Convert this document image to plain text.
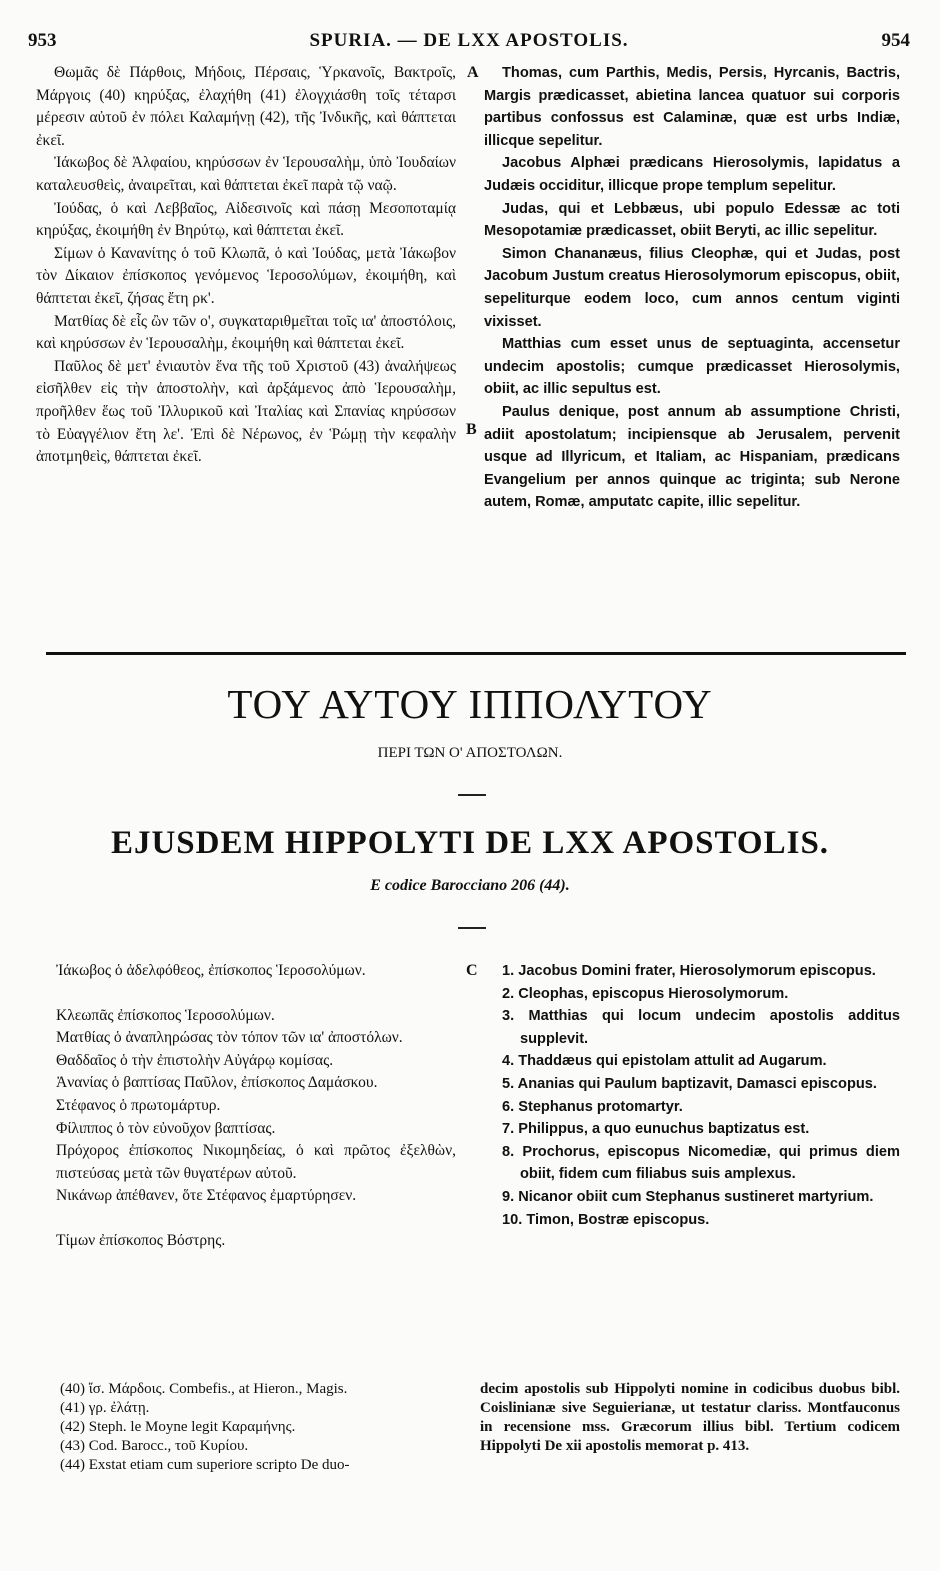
953	SPURIA. — DE LXX APOSTOLIS.	954
A
B
C

Θωμᾶς δὲ Πάρθοις, Μήδοις, Πέρσαις, Ὑρκανοῖς, Βακτροῖς, Μάργοις (40) κηρύξας, ἐλαχήθη (41) ἐλογχιάσθη τοῖς τέταρσι μέρεσιν αὐτοῦ ἐν πόλει Καλαμήνῃ (42), τῆς Ἰνδικῆς, καὶ θάπτεται ἐκεῖ.

Ἰάκωβος δὲ Ἀλφαίου, κηρύσσων ἐν Ἱερουσαλὴμ, ὑπὸ Ἰουδαίων καταλευσθεὶς, ἀναιρεῖται, καὶ θάπτεται ἐκεῖ παρὰ τῷ ναῷ.

Ἰούδας, ὁ καὶ Λεββαῖος, Αἰδεσινοῖς καὶ πάσῃ Μεσοποταμίᾳ κηρύξας, ἐκοιμήθη ἐν Βηρύτῳ, καὶ θάπτεται ἐκεῖ.

Σίμων ὁ Κανανίτης ὁ τοῦ Κλωπᾶ, ὁ καὶ Ἰούδας, μετὰ Ἰάκωβον τὸν Δίκαιον ἐπίσκοπος γενόμενος Ἱεροσολύμων, ἐκοιμήθη, καὶ θάπτεται ἐκεῖ, ζήσας ἔτη ρκ'.

Ματθίας δὲ εἷς ὢν τῶν ο', συγκαταριθμεῖται τοῖς ια' ἀποστόλοις, καὶ κηρύσσων ἐν Ἱερουσαλὴμ, ἐκοιμήθη καὶ θάπτεται ἐκεῖ.

Παῦλος δὲ μετ' ἐνιαυτὸν ἕνα τῆς τοῦ Χριστοῦ (43) ἀναλήψεως εἰσῆλθεν εἰς τὴν ἀποστολὴν, καὶ ἀρξάμενος ἀπὸ Ἱερουσαλὴμ, προῆλθεν ἕως τοῦ Ἰλλυρικοῦ καὶ Ἰταλίας καὶ Σπανίας κηρύσσων τὸ Εὐαγγέλιον ἔτη λε'. Ἐπὶ δὲ Νέρωνος, ἐν Ῥώμῃ τὴν κεφαλὴν ἀποτμηθεὶς, θάπτεται ἐκεῖ.

Thomas, cum Parthis, Medis, Persis, Hyrcanis, Bactris, Margis prædicasset, abietina lancea quatuor sui corporis partibus confossus est Calaminæ, quæ est urbs Indiæ, illicque sepelitur.

Jacobus Alphæi prædicans Hierosolymis, lapidatus a Judæis occiditur, illicque prope templum sepelitur.

Judas, qui et Lebbæus, ubi populo Edessæ ac toti Mesopotamiæ prædicasset, obiit Beryti, ac illic sepelitur.

Simon Chananæus, filius Cleophæ, qui et Judas, post Jacobum Justum creatus Hierosolymorum episcopus, obiit, sepeliturque eodem loco, cum annos centum viginti vixisset.

Matthias cum esset unus de septuaginta, accensetur undecim apostolis; cumque prædicasset Hierosolymis, obiit, ac illic sepultus est.

Paulus denique, post annum ab assumptione Christi, adiit apostolatum; incipiensque ab Jerusalem, pervenit usque ad Illyricum, et Italiam, ac Hispaniam, prædicans Evangelium per annos quinque ac triginta; sub Nerone autem, Romæ, amputatc capite, illic sepelitur.

ΤΟΥ ΑΥΤΟΥ ΙΠΠΟΛΥΤΟΥ
ΠΕΡΙ ΤΩΝ Ο' ΑΠΟΣΤΟΛΩΝ.
EJUSDEM HIPPOLYTI DE LXX APOSTOLIS.
E codice Barocciano 206 (44).

Ἰάκωβος ὁ ἀδελφόθεος, ἐπίσκοπος Ἱεροσολύμων.

Κλεωπᾶς ἐπίσκοπος Ἱεροσολύμων.

Ματθίας ὁ ἀναπληρώσας τὸν τόπον τῶν ια' ἀποστόλων.

Θαδδαῖος ὁ τὴν ἐπιστολὴν Αὐγάρῳ κομίσας.

Ἀνανίας ὁ βαπτίσας Παῦλον, ἐπίσκοπος Δαμάσκου.

Στέφανος ὁ πρωτομάρτυρ.

Φίλιππος ὁ τὸν εὐνοῦχον βαπτίσας.

Πρόχορος ἐπίσκοπος Νικομηδείας, ὁ καὶ πρῶτος ἐξελθὼν, πιστεύσας μετὰ τῶν θυγατέρων αὐτοῦ.

Νικάνωρ ἀπέθανεν, ὅτε Στέφανος ἐμαρτύρησεν.

Τίμων ἐπίσκοπος Βόστρης.

1. Jacobus Domini frater, Hierosolymorum episcopus.

2. Cleophas, episcopus Hierosolymorum.

3. Matthias qui locum undecim apostolis additus supplevit.

4. Thaddæus qui epistolam attulit ad Augarum.

5. Ananias qui Paulum baptizavit, Damasci episcopus.

6. Stephanus protomartyr.

7. Philippus, a quo eunuchus baptizatus est.

8. Prochorus, episcopus Nicomediæ, qui primus diem obiit, fidem cum filiabus suis amplexus.

9. Nicanor obiit cum Stephanus sustineret martyrium.

10. Timon, Bostræ episcopus.

(40) ἴσ. Μάρδοις. Combefis., at Hieron., Magis.

(41) γρ. ἐλάτῃ.

(42) Steph. le Moyne legit Καραμήνης.

(43) Cod. Barocc., τοῦ Κυρίου.

(44) Exstat etiam cum superiore scripto De duo-

decim apostolis sub Hippolyti nomine in codicibus duobus bibl. Coislinianæ sive Seguierianæ, ut testatur clariss. Montfauconus in recensione mss. Græcorum illius bibl. Tertium codicem Hippolyti De xii apostolis memorat p. 413.
